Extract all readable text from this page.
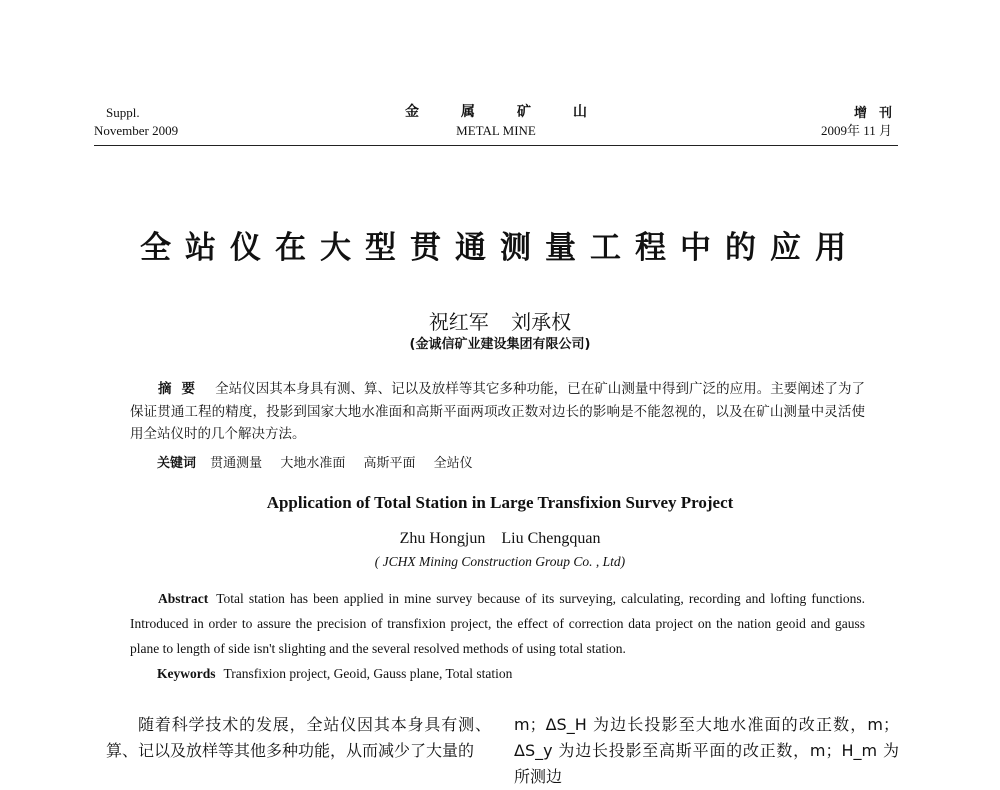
Suppl.
November 2009
金属矿山
METAL MINE
增刊
2009年 11 月
全站仪在大型贯通测量工程中的应用
祝红军 刘承权
(金诚信矿业建设集团有限公司)
摘要 全站仪因其本身具有测、算、记以及放样等其它多种功能，已在矿山测量中得到广泛的应用。主要阐述了为了保证贯通工程的精度，投影到国家大地水准面和高斯平面两项改正数对边长的影响是不能忽视的，以及在矿山测量中灵活使用全站仪时的几个解决方法。
关键词 贯通测量 大地水准面 高斯平面 全站仪
Application of Total Station in Large Transfixion Survey Project
Zhu Hongjun Liu Chengquan
( JCHX Mining Construction Group Co. , Ltd)
Abstract Total station has been applied in mine survey because of its surveying, calculating, recording and lofting functions. Introduced in order to assure the precision of transfixion project, the effect of correction data project on the nation geoid and gauss plane to length of side isn't slighting and the several resolved methods of using total station.
Keywords Transfixion project, Geoid, Gauss plane, Total station

随着科学技术的发展，全站仪因其本身具有测、算、记以及放样等其他多种功能，从而减少了大量的

m；ΔS_H 为边长投影至大地水准面的改正数，m；ΔS_y 为边长投影至高斯平面的改正数，m；H_m 为所测边
